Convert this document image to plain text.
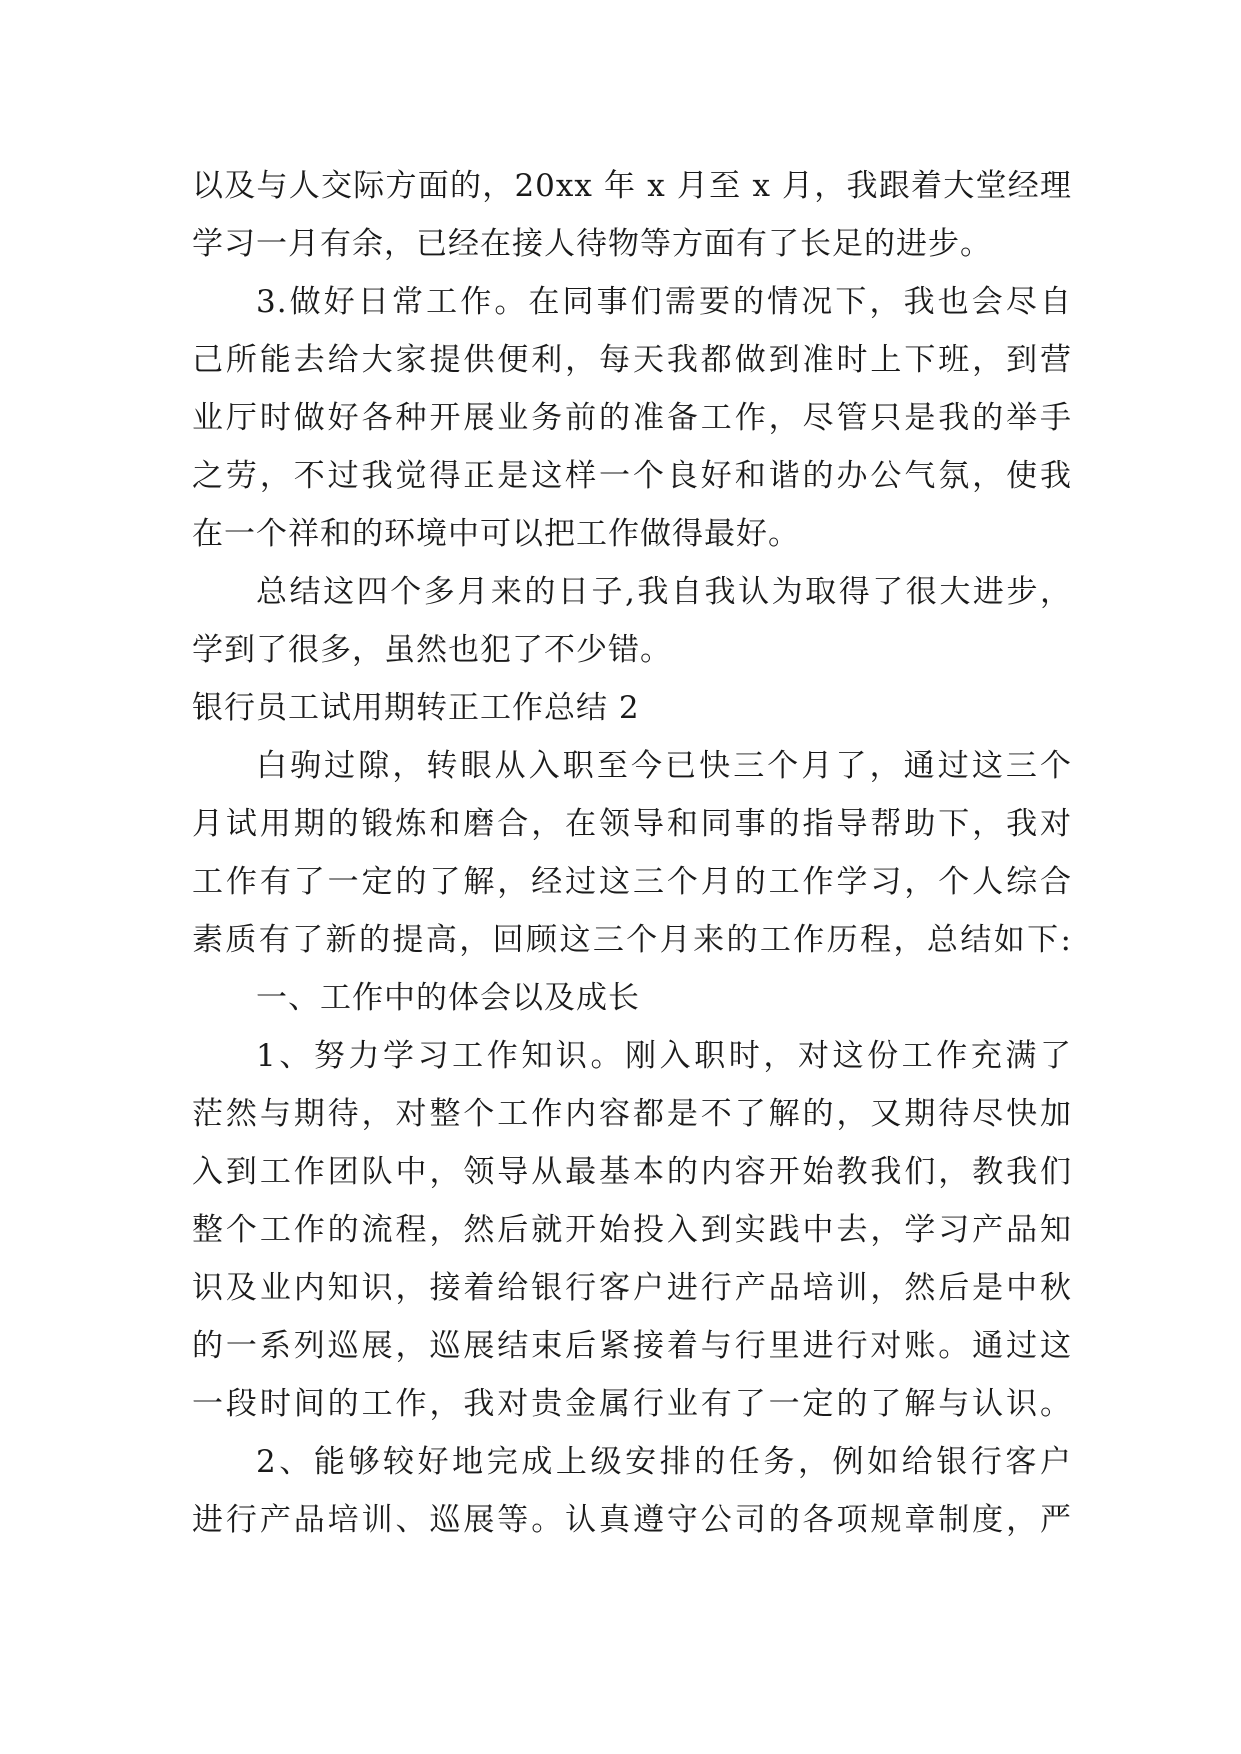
以及与人交际方面的，20xx 年 x 月至 x 月，我跟着大堂经理
学习一月有余，已经在接人待物等方面有了长足的进步。
3.做好日常工作。在同事们需要的情况下，我也会尽自
己所能去给大家提供便利，每天我都做到准时上下班，到营
业厅时做好各种开展业务前的准备工作，尽管只是我的举手
之劳，不过我觉得正是这样一个良好和谐的办公气氛，使我
在一个祥和的环境中可以把工作做得最好。
总结这四个多月来的日子,我自我认为取得了很大进步，
学到了很多，虽然也犯了不少错。
银行员工试用期转正工作总结 2
白驹过隙，转眼从入职至今已快三个月了，通过这三个
月试用期的锻炼和磨合，在领导和同事的指导帮助下，我对
工作有了一定的了解，经过这三个月的工作学习，个人综合
素质有了新的提高，回顾这三个月来的工作历程，总结如下:
一、工作中的体会以及成长
1、努力学习工作知识。刚入职时，对这份工作充满了
茫然与期待，对整个工作内容都是不了解的，又期待尽快加
入到工作团队中，领导从最基本的内容开始教我们，教我们
整个工作的流程，然后就开始投入到实践中去，学习产品知
识及业内知识，接着给银行客户进行产品培训，然后是中秋
的一系列巡展，巡展结束后紧接着与行里进行对账。通过这
一段时间的工作，我对贵金属行业有了一定的了解与认识。
2、能够较好地完成上级安排的任务，例如给银行客户
进行产品培训、巡展等。认真遵守公司的各项规章制度，严
